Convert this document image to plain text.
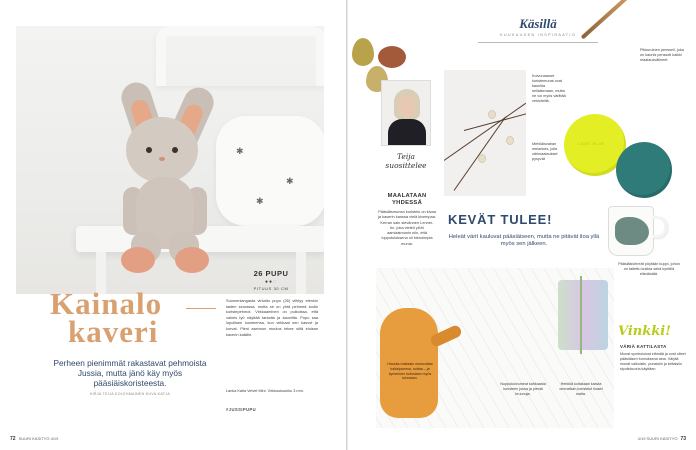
✱
✱
✱
Kainalo
kaveri
Perheen pienimmät rakastavat pehmoista Jussia, mutta jänö käy myös pääsiäiskoristeesta.
KIRJA TEIJA KOLEHMAINEN KUVA KATJA
26 PUPU
●●○
PITUUS 30 CM
Suomenlangasta virkattu pupu (26) viihtyy etenkin lasten seurassa, mutta se on yhtä pehmeä kodin koristepehmot. Virkkaaminen on puikoissa, että valmis työ näyttää tarkalta ja kauniilta. Pupu saa lopullisen luonteensa, kun virkkaat sen kasvot ja korvat. Pieni asennon muutos tekee siitä eloisan kaverin kaikille.
Lanka Katia Velvet Mini. Virkkuukoukku 3 mm.
#JUSSIPUPU
72 SUURI KÄSITYÖ 4/19
Käsillä
KUUKAUDEN INSPIRAATIO
Teija suosittelee
MAALATAAN YHDESSÄ
Pääsiäismunan koristelu on kivaa ja kaverin kanssa vielä kivempaa. Kerran sain sievännen Lenner-tin, joka vieteli ylöhi aamiaismunin niin, että lopputuloksena oli hienoimpia munia.
Koivunaarset koristemunat ovat kauniita sellaisenaan, mutta ne voi myös värittää vesivärillä.
Mehiläisvahan melankes, jolla värimaalaukset pysyvät
Pikkuruinen pensseli, joka on kaunis pensseli kaikki maalausvälineet.
LIGHT BLUE
KEVÄT TULEE!
Heleät värit kauluvat pääsiäiseen, mutta ne pitävät iloa yllä myös sen jälkeen.
Pääsiäisvihreät pöytään kuppi, johon on taitettu kukkia sekä kynttilä eläväistää.
Hauska mallaatu munuvälaa kaltalpamma, nuttaa – ja kymminen tudosiaan myös tulosiaan.
Nuppukoivumeat kahkaasta koristeen jossa ja pieniä kruunuja.
Herkkiä kultakaan kasvia ommelkan koristelut iloiset maita.
Vinkki!
VÄRIÄ KATTILASTA
Munat symboloivat elämää ja ovat olleet pääsiäisen tunnuksena aina. Värjää munat valkoisiin, punaisiin ja keltaisiin sipulinkuoria käyttäen.
4/19 SUURI KÄSITYÖ 73
